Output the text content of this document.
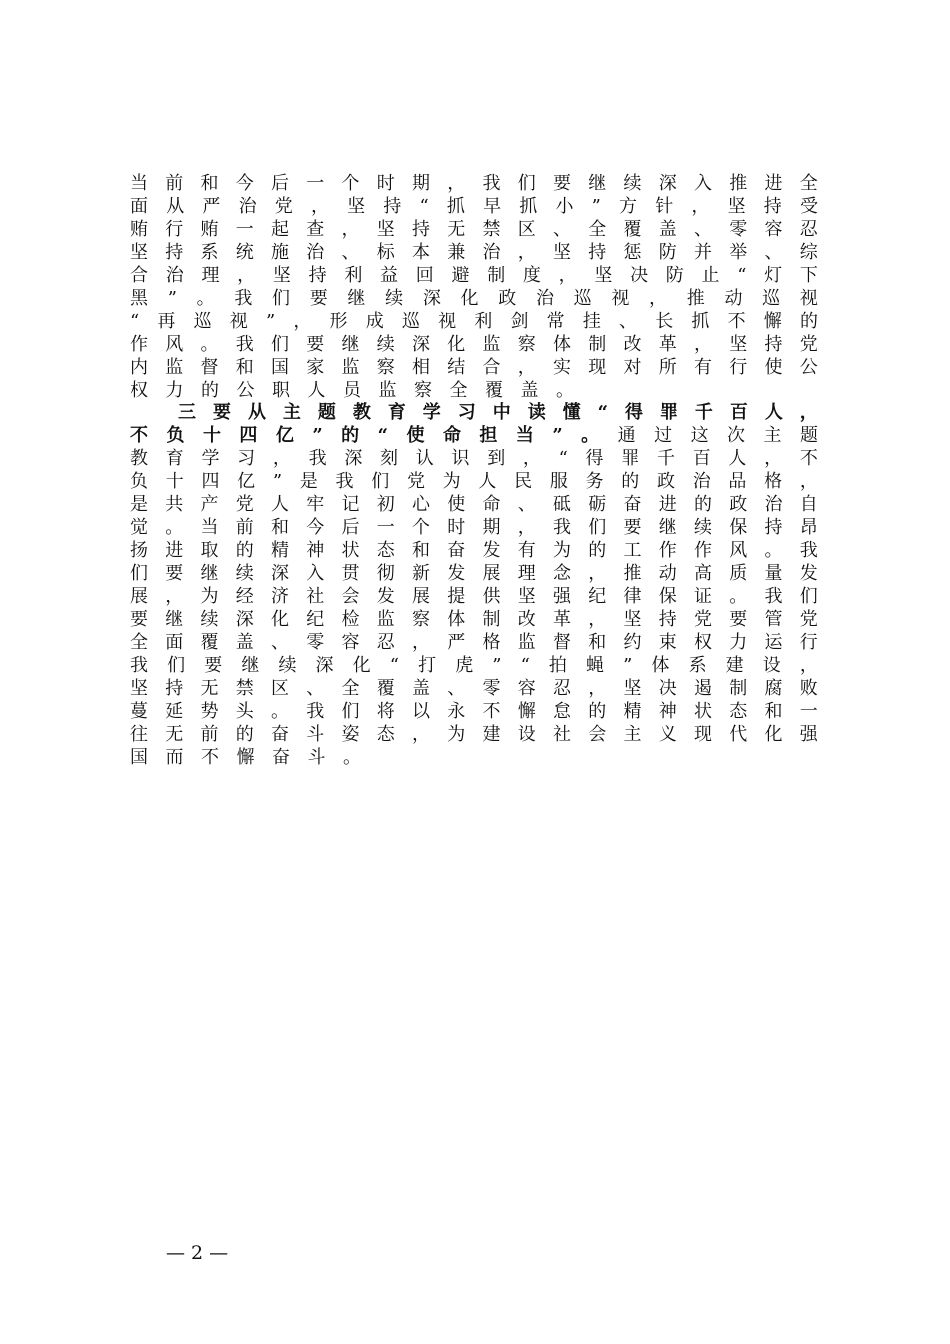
当 前 和 今 后 一 个 时 期 ， 我 们 要 继 续 深 入 推 进 全
面 从 严 治 党 ， 坚 持 “ 抓 早 抓 小 ” 方 针 ， 坚 持 受
贿 行 贿 一 起 查 ， 坚 持 无 禁 区 、 全 覆 盖 、 零 容 忍
坚 持 系 统 施 治 、 标 本 兼 治 ， 坚 持 惩 防 并 举 、 综
合 治 理 ， 坚 持 利 益 回 避 制 度 ， 坚 决 防 止 “ 灯 下
黑 ” 。 我 们 要 继 续 深 化 政 治 巡 视 ， 推 动 巡 视
“ 再 巡 视 ” ， 形 成 巡 视 利 剑 常 挂 、 长 抓 不 懈 的
作 风 。 我 们 要 继 续 深 化 监 察 体 制 改 革 ， 坚 持 党
内 监 督 和 国 家 监 察 相 结 合 ， 实 现 对 所 有 行 使 公
权 力 的 公 职 人 员 监 察 全 覆 盖 。
三 要 从 主 题 教 育 学 习 中 读 懂 “ 得 罪 千 百 人 ，
不 负 十 四 亿 ” 的 “ 使 命 担 当 ” 。 通 过 这 次 主 题
教 育 学 习 ， 我 深 刻 认 识 到 ， “ 得 罪 千 百 人 ， 不
负 十 四 亿 ” 是 我 们 党 为 人 民 服 务 的 政 治 品 格 ，
是 共 产 党 人 牢 记 初 心 使 命 、 砥 砺 奋 进 的 政 治 自
觉 。 当 前 和 今 后 一 个 时 期 ， 我 们 要 继 续 保 持 昂
扬 进 取 的 精 神 状 态 和 奋 发 有 为 的 工 作 作 风 。 我
们 要 继 续 深 入 贯 彻 新 发 展 理 念 ， 推 动 高 质 量 发
展 ， 为 经 济 社 会 发 展 提 供 坚 强 纪 律 保 证 。 我 们
要 继 续 深 化 纪 检 监 察 体 制 改 革 ， 坚 持 党 要 管 党
全 面 覆 盖 、 零 容 忍 ， 严 格 监 督 和 约 束 权 力 运 行
我 们 要 继 续 深 化 “ 打 虎 ” “ 拍 蝇 ” 体 系 建 设 ，
坚 持 无 禁 区 、 全 覆 盖 、 零 容 忍 ， 坚 决 遏 制 腐 败
蔓 延 势 头 。 我 们 将 以 永 不 懈 怠 的 精 神 状 态 和 一
往 无 前 的 奋 斗 姿 态 ， 为 建 设 社 会 主 义 现 代 化 强
国 而 不 懈 奋 斗 。
— 2 —
